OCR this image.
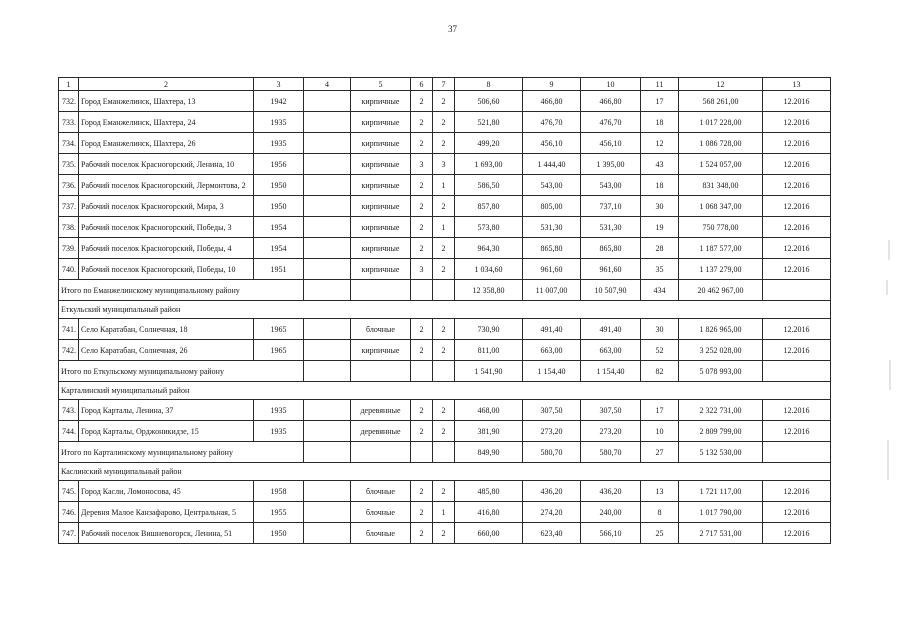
37
1	2	3	4	5	6	7	8	9	10	11	12	13
732.	Город Еманжелинск, Шахтера, 13	1942		кирпичные	2	2	506,60	466,80	466,80	17	568 261,00	12.2016
733.	Город Еманжелинск, Шахтера, 24	1935		кирпичные	2	2	521,80	476,70	476,70	18	1 017 228,00	12.2016
734.	Город Еманжелинск, Шахтера, 26	1935		кирпичные	2	2	499,20	456,10	456,10	12	1 086 728,00	12.2016
735.	Рабочий поселок Красногорский, Ленина, 10	1956		кирпичные	3	3	1 693,00	1 444,40	1 395,00	43	1 524 057,00	12.2016
736.	Рабочий поселок Красногорский, Лермонтова, 2	1950		кирпичные	2	1	586,50	543,00	543,00	18	831 348,00	12.2016
737.	Рабочий поселок Красногорский, Мира, 3	1950		кирпичные	2	2	857,80	805,00	737,10	30	1 068 347,00	12.2016
738.	Рабочий поселок Красногорский, Победы, 3	1954		кирпичные	2	1	573,80	531,30	531,30	19	750 778,00	12.2016
739.	Рабочий поселок Красногорский, Победы, 4	1954		кирпичные	2	2	964,30	865,80	865,80	28	1 187 577,00	12.2016
740.	Рабочий поселок Красногорский, Победы, 10	1951		кирпичные	3	2	1 034,60	961,60	961,60	35	1 137 279,00	12.2016
Итого по Еманжелинскому муниципальному району							12 358,80	11 007,00	10 507,90	434	20 462 967,00	
Еткульский муниципальный район												
741.	Село Каратабан, Солнечная, 18	1965		блочные	2	2	730,90	491,40	491,40	30	1 826 965,00	12.2016
742.	Село Каратабан, Солнечная, 26	1965		кирпичные	2	2	811,00	663,00	663,00	52	3 252 028,00	12.2016
Итого по Еткульскому муниципальному району							1 541,90	1 154,40	1 154,40	82	5 078 993,00	
Карталинский муниципальный район												
743.	Город Карталы, Ленина, 37	1935		деревянные	2	2	468,00	307,50	307,50	17	2 322 731,00	12.2016
744.	Город Карталы, Орджоникидзе, 15	1935		деревянные	2	2	381,90	273,20	273,20	10	2 809 799,00	12.2016
Итого по Карталинскому муниципальному району							849,90	580,70	580,70	27	5 132 530,00	
Каслинский муниципальный район												
745.	Город Касли, Ломоносова, 45	1958		блочные	2	2	485,80	436,20	436,20	13	1 721 117,00	12.2016
746.	Деревня Малое Канзафарово, Центральная, 5	1955		блочные	2	1	416,80	274,20	240,00	8	1 017 790,00	12.2016
747.	Рабочий поселок Вишневогорск, Ленина, 51	1950		блочные	2	2	660,00	623,40	566,10	25	2 717 531,00	12.2016
